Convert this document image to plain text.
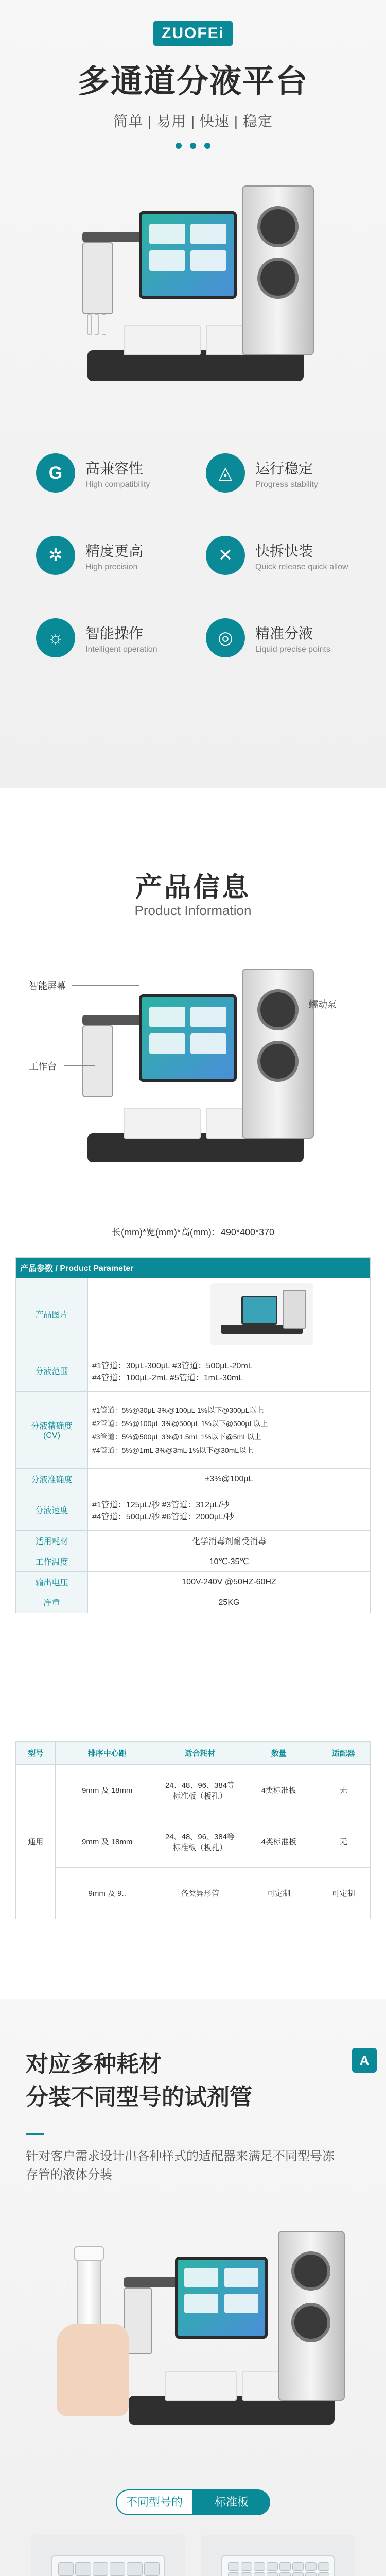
ZUOFEi
多通道分液平台
简单 | 易用 | 快速 | 稳定
G	高兼容性
High compatibility
◬	运行稳定
Progress stability
✲	精度更高
High precision
✕	快拆快装
Quick release quick allow
☼	智能操作
Intelligent operation
◎	精准分液
Liquid precise points
产品信息
Product Information
智能屏幕
蠕动泵
工作台
长(mm)*宽(mm)*高(mm)：490*400*370
产品参数 / Product Parameter	
产品图片	

分液范围	#1管道：30μL-300μL #3管道：500μL-20mL
#4管道：100μL-2mL #5管道：1mL-30mL
分液精确度
(CV)	#1管道：5%@30μL 3%@100μL 1%以下@300μL以上
#2管道：5%@100μL 3%@500μL 1%以下@500μL以上
#3管道：5%@500μL 3%@1.5mL 1%以下@5mL以上
#4管道：5%@1mL 3%@3mL 1%以下@30mL以上
分液准确度	±3%@100μL
分液速度	#1管道：125μL/秒 #3管道：312μL/秒
#4管道：500μL/秒 #6管道：2000μL/秒
适用耗材	化学消毒剂耐受消毒
工作温度	10℃-35℃
输出电压	100V-240V @50HZ-60HZ
净重	25KG
型号	排序中心距	适合耗材	数量	适配器
通用	9mm 及 18mm	24、48、96、384等标准板（板孔）	4类标准板	无
	9mm 及 18mm	24、48、96、384等标准板（板孔）	4类标准板	无
	9mm 及 9..	各类异形管	可定制	可定制
A
对应多种耗材
分装不同型号的试剂管
针对客户需求设计出各种样式的适配器来满足不同型号冻存管的液体分装
不同型号的	标准板
